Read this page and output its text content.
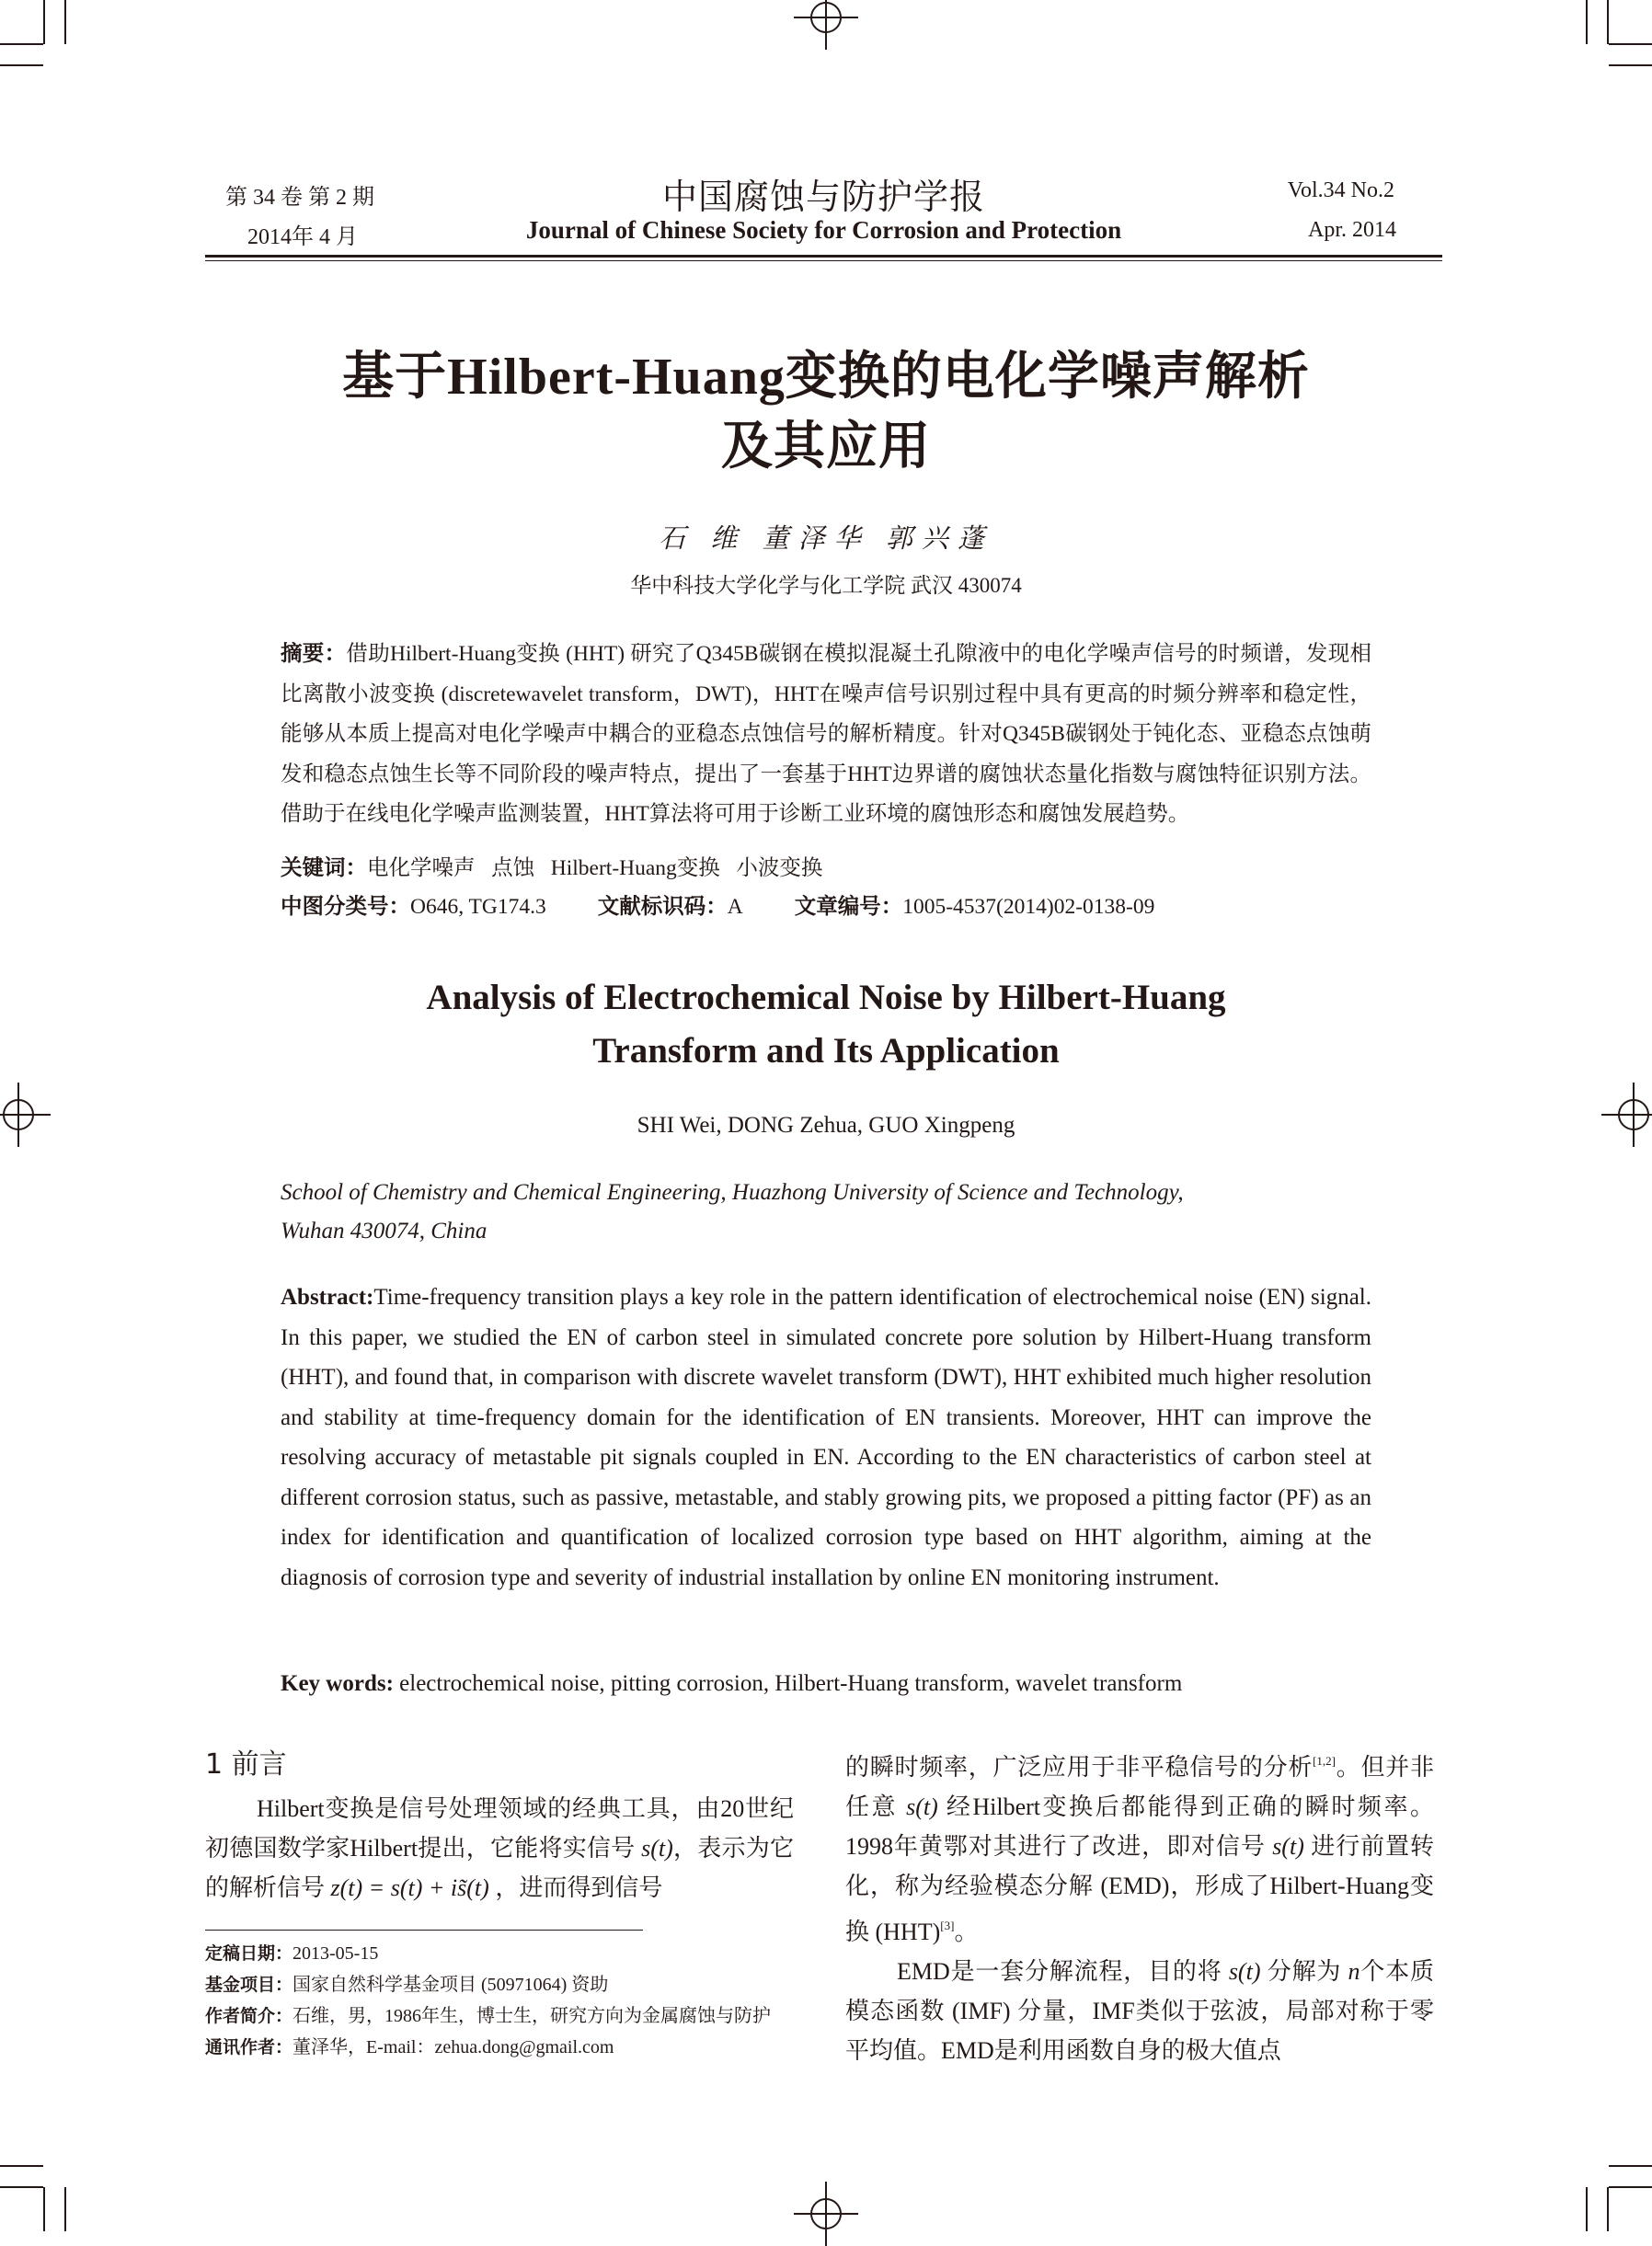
第 34 卷 第 2 期
2014年 4 月
中国腐蚀与防护学报
Journal of Chinese Society for Corrosion and Protection
Vol.34 No.2
Apr. 2014
基于Hilbert-Huang变换的电化学噪声解析
及其应用
石 维 董泽华 郭兴蓬
华中科技大学化学与化工学院 武汉 430074
摘要：借助Hilbert-Huang变换 (HHT) 研究了Q345B碳钢在模拟混凝土孔隙液中的电化学噪声信号的时频谱，发现相比离散小波变换 (discretewavelet transform，DWT)，HHT在噪声信号识别过程中具有更高的时频分辨率和稳定性，能够从本质上提高对电化学噪声中耦合的亚稳态点蚀信号的解析精度。针对Q345B碳钢处于钝化态、亚稳态点蚀萌发和稳态点蚀生长等不同阶段的噪声特点，提出了一套基于HHT边界谱的腐蚀状态量化指数与腐蚀特征识别方法。借助于在线电化学噪声监测装置，HHT算法将可用于诊断工业环境的腐蚀形态和腐蚀发展趋势。
关键词：电化学噪声   点蚀   Hilbert-Huang变换   小波变换
中图分类号：O646, TG174.3 文献标识码：A 文章编号：1005-4537(2014)02-0138-09
Analysis of Electrochemical Noise by Hilbert-Huang
Transform and Its Application
SHI Wei, DONG Zehua, GUO Xingpeng
School of Chemistry and Chemical Engineering, Huazhong University of Science and Technology,
Wuhan 430074, China
Abstract:Time-frequency transition plays a key role in the pattern identification of electrochemical noise (EN) signal. In this paper, we studied the EN of carbon steel in simulated concrete pore solution by Hilbert-Huang transform (HHT), and found that, in comparison with discrete wavelet transform (DWT), HHT exhibited much higher resolution and stability at time-frequency domain for the identification of EN transients. Moreover, HHT can improve the resolving accuracy of metastable pit signals coupled in EN. According to the EN characteristics of carbon steel at different corrosion status, such as passive, metastable, and stably growing pits, we proposed a pitting factor (PF) as an index for identification and quantification of localized corrosion type based on HHT algorithm, aiming at the diagnosis of corrosion type and severity of industrial installation by online EN monitoring instrument.
Key words: electrochemical noise, pitting corrosion, Hilbert-Huang transform, wavelet transform
1 前言

Hilbert变换是信号处理领域的经典工具，由20世纪初德国数学家Hilbert提出，它能将实信号 s(t)，表示为它的解析信号 z(t) = s(t) + is̃(t) ，进而得到信号

定稿日期：2013-05-15
基金项目：国家自然科学基金项目 (50971064) 资助
作者简介：石维，男，1986年生，博士生，研究方向为金属腐蚀与防护
通讯作者：董泽华，E-mail：zehua.dong@gmail.com

的瞬时频率，广泛应用于非平稳信号的分析[1,2]。但并非任意 s(t) 经Hilbert变换后都能得到正确的瞬时频率。1998年黄鄂对其进行了改进，即对信号 s(t) 进行前置转化，称为经验模态分解 (EMD)，形成了Hilbert-Huang变换 (HHT)[3]。

EMD是一套分解流程，目的将 s(t) 分解为 n个本质模态函数 (IMF) 分量，IMF类似于弦波，局部对称于零平均值。EMD是利用函数自身的极大值点
